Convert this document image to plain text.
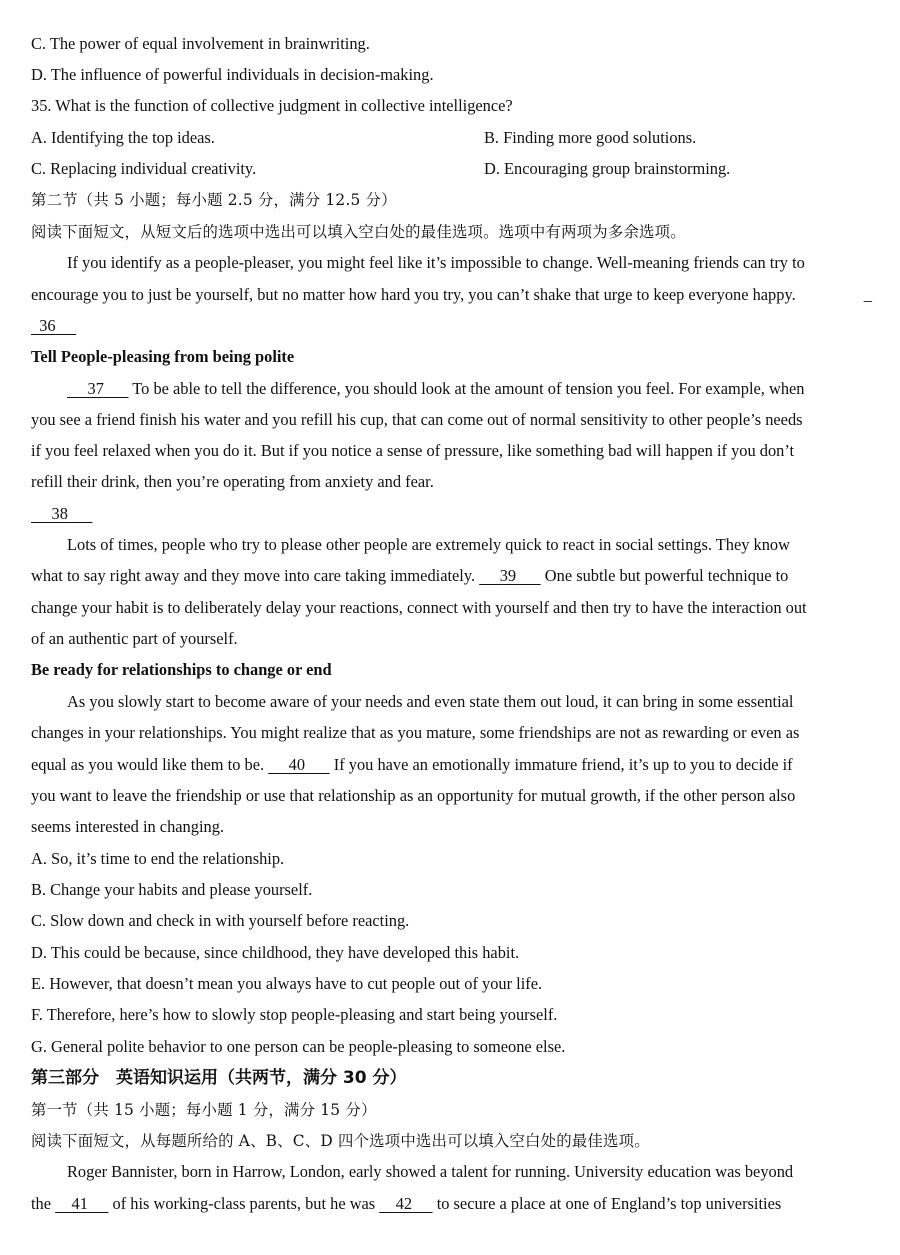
C. The power of equal involvement in brainwriting.
D. The influence of powerful individuals in decision-making.
35. What is the function of collective judgment in collective intelligence?
A. Identifying the top ideas.	B. Finding more good solutions.
C. Replacing individual creativity.	D. Encouraging group brainstorming.
第二节（共 5 小题；每小题 2.5 分，满分 12.5 分）
阅读下面短文，从短文后的选项中选出可以填入空白处的最佳选项。选项中有两项为多余选项。
If you identify as a people-pleaser, you might feel like it’s impossible to change. Well-meaning friends can try to
encourage you to just be yourself, but no matter how hard you try, you can’t shake that urge to keep everyone happy.	_
36
Tell People-pleasing from being polite
37 To be able to tell the difference, you should look at the amount of tension you feel. For example, when
you see a friend finish his water and you refill his cup, that can come out of normal sensitivity to other people’s needs
if you feel relaxed when you do it. But if you notice a sense of pressure, like something bad will happen if you don’t
refill their drink, then you’re operating from anxiety and fear.
38
Lots of times, people who try to please other people are extremely quick to react in social settings. They know
what to say right away and they move into care taking immediately. 39 One subtle but powerful technique to
change your habit is to deliberately delay your reactions, connect with yourself and then try to have the interaction out
of an authentic part of yourself.
Be ready for relationships to change or end
As you slowly start to become aware of your needs and even state them out loud, it can bring in some essential
changes in your relationships. You might realize that as you mature, some friendships are not as rewarding or even as
equal as you would like them to be. 40 If you have an emotionally immature friend, it’s up to you to decide if
you want to leave the friendship or use that relationship as an opportunity for mutual growth, if the other person also
seems interested in changing.
A. So, it’s time to end the relationship.
B. Change your habits and please yourself.
C. Slow down and check in with yourself before reacting.
D. This could be because, since childhood, they have developed this habit.
E. However, that doesn’t mean you always have to cut people out of your life.
F. Therefore, here’s how to slowly stop people-pleasing and start being yourself.
G. General polite behavior to one person can be people-pleasing to someone else.
第三部分　英语知识运用（共两节，满分 30 分）
第一节（共 15 小题；每小题 1 分，满分 15 分）
阅读下面短文，从每题所给的 A、B、C、D 四个选项中选出可以填入空白处的最佳选项。
Roger Bannister, born in Harrow, London, early showed a talent for running. University education was beyond
the 41 of his working-class parents, but he was 42 to secure a place at one of England’s top universities
